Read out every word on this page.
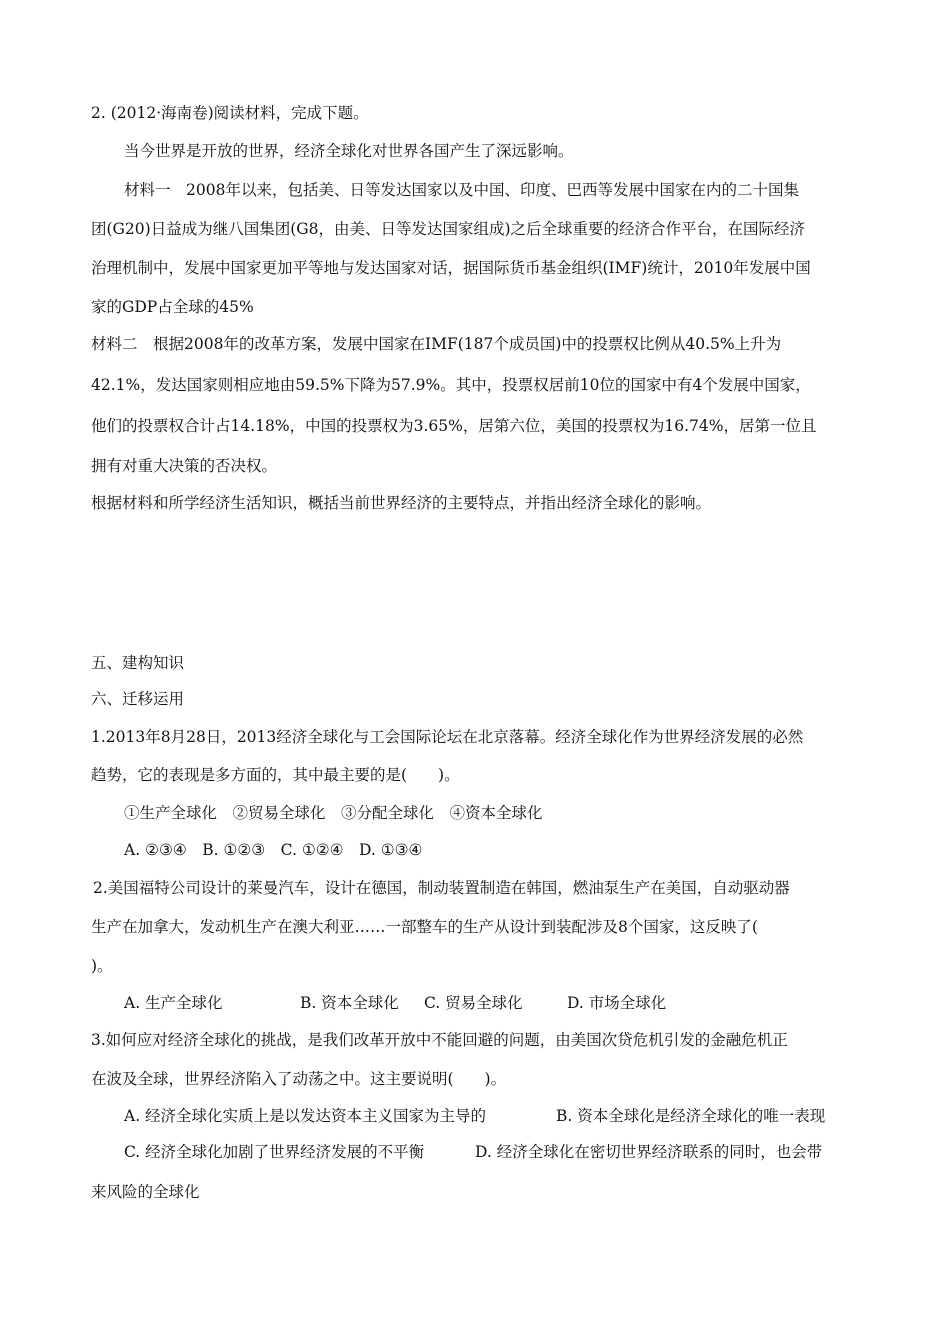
2. (2012·海南卷)阅读材料，完成下题。
当今世界是开放的世界，经济全球化对世界各国产生了深远影响。
材料一　2008年以来，包括美、日等发达国家以及中国、印度、巴西等发展中国家在内的二十国集
团(G20)日益成为继八国集团(G8，由美、日等发达国家组成)之后全球重要的经济合作平台，在国际经济
治理机制中，发展中国家更加平等地与发达国家对话，据国际货币基金组织(IMF)统计，2010年发展中国
家的GDP占全球的45%
材料二　根据2008年的改革方案，发展中国家在IMF(187个成员国)中的投票权比例从40.5%上升为
42.1%，发达国家则相应地由59.5%下降为57.9%。其中，投票权居前10位的国家中有4个发展中国家，
他们的投票权合计占14.18%，中国的投票权为3.65%，居第六位，美国的投票权为16.74%，居第一位且
拥有对重大决策的否决权。
根据材料和所学经济生活知识，概括当前世界经济的主要特点，并指出经济全球化的影响。
五、建构知识
六、迁移运用
1.2013年8月28日，2013经济全球化与工会国际论坛在北京落幕。经济全球化作为世界经济发展的必然
趋势，它的表现是多方面的，其中最主要的是(　　)。
①生产全球化　②贸易全球化　③分配全球化　④资本全球化
A. ②③④　B. ①②③　C. ①②④　D. ①③④
2.美国福特公司设计的莱曼汽车，设计在德国，制动装置制造在韩国，燃油泵生产在美国，自动驱动器
生产在加拿大，发动机生产在澳大利亚……一部整车的生产从设计到装配涉及8个国家，这反映了(
)。
A. 生产全球化	B. 资本全球化 C. 贸易全球化	D. 市场全球化
3.如何应对经济全球化的挑战，是我们改革开放中不能回避的问题，由美国次贷危机引发的金融危机正
在波及全球，世界经济陷入了动荡之中。这主要说明(　　)。
A. 经济全球化实质上是以发达资本主义国家为主导的	B. 资本全球化是经济全球化的唯一表现
C. 经济全球化加剧了世界经济发展的不平衡	D. 经济全球化在密切世界经济联系的同时，也会带
来风险的全球化
